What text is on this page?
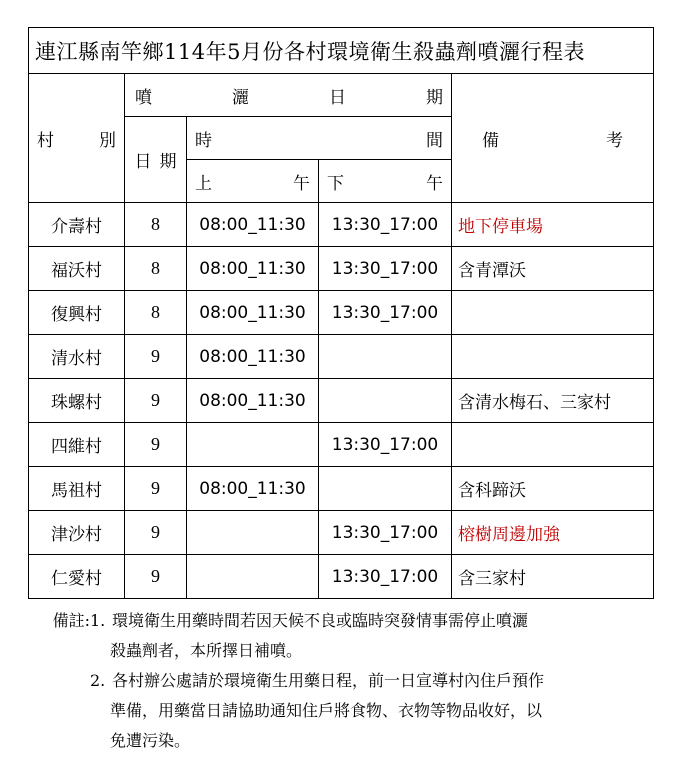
連江縣南竿鄉114年5月份各村環境衛生殺蟲劑噴灑行程表				

村 別	噴 灑 日 期			備 考

	日 期	時 間		

		上 午	下 午	

介壽村	8	08:00_11:30	13:30_17:00	地下停車場
福沃村	8	08:00_11:30	13:30_17:00	含青潭沃
復興村	8	08:00_11:30	13:30_17:00	
清水村	9	08:00_11:30		
珠螺村	9	08:00_11:30		含清水梅石、三家村
四維村	9		13:30_17:00	
馬祖村	9	08:00_11:30		含科蹄沃
津沙村	9		13:30_17:00	榕樹周邊加強
仁愛村	9		13:30_17:00	含三家村
備註: 1. 環境衛生用藥時間若因天候不良或臨時突發情事需停止噴灑
殺蟲劑者，本所擇日補噴。
2. 各村辦公處請於環境衛生用藥日程，前一日宣導村內住戶預作
準備，用藥當日請協助通知住戶將食物、衣物等物品收好，以
免遭污染。
